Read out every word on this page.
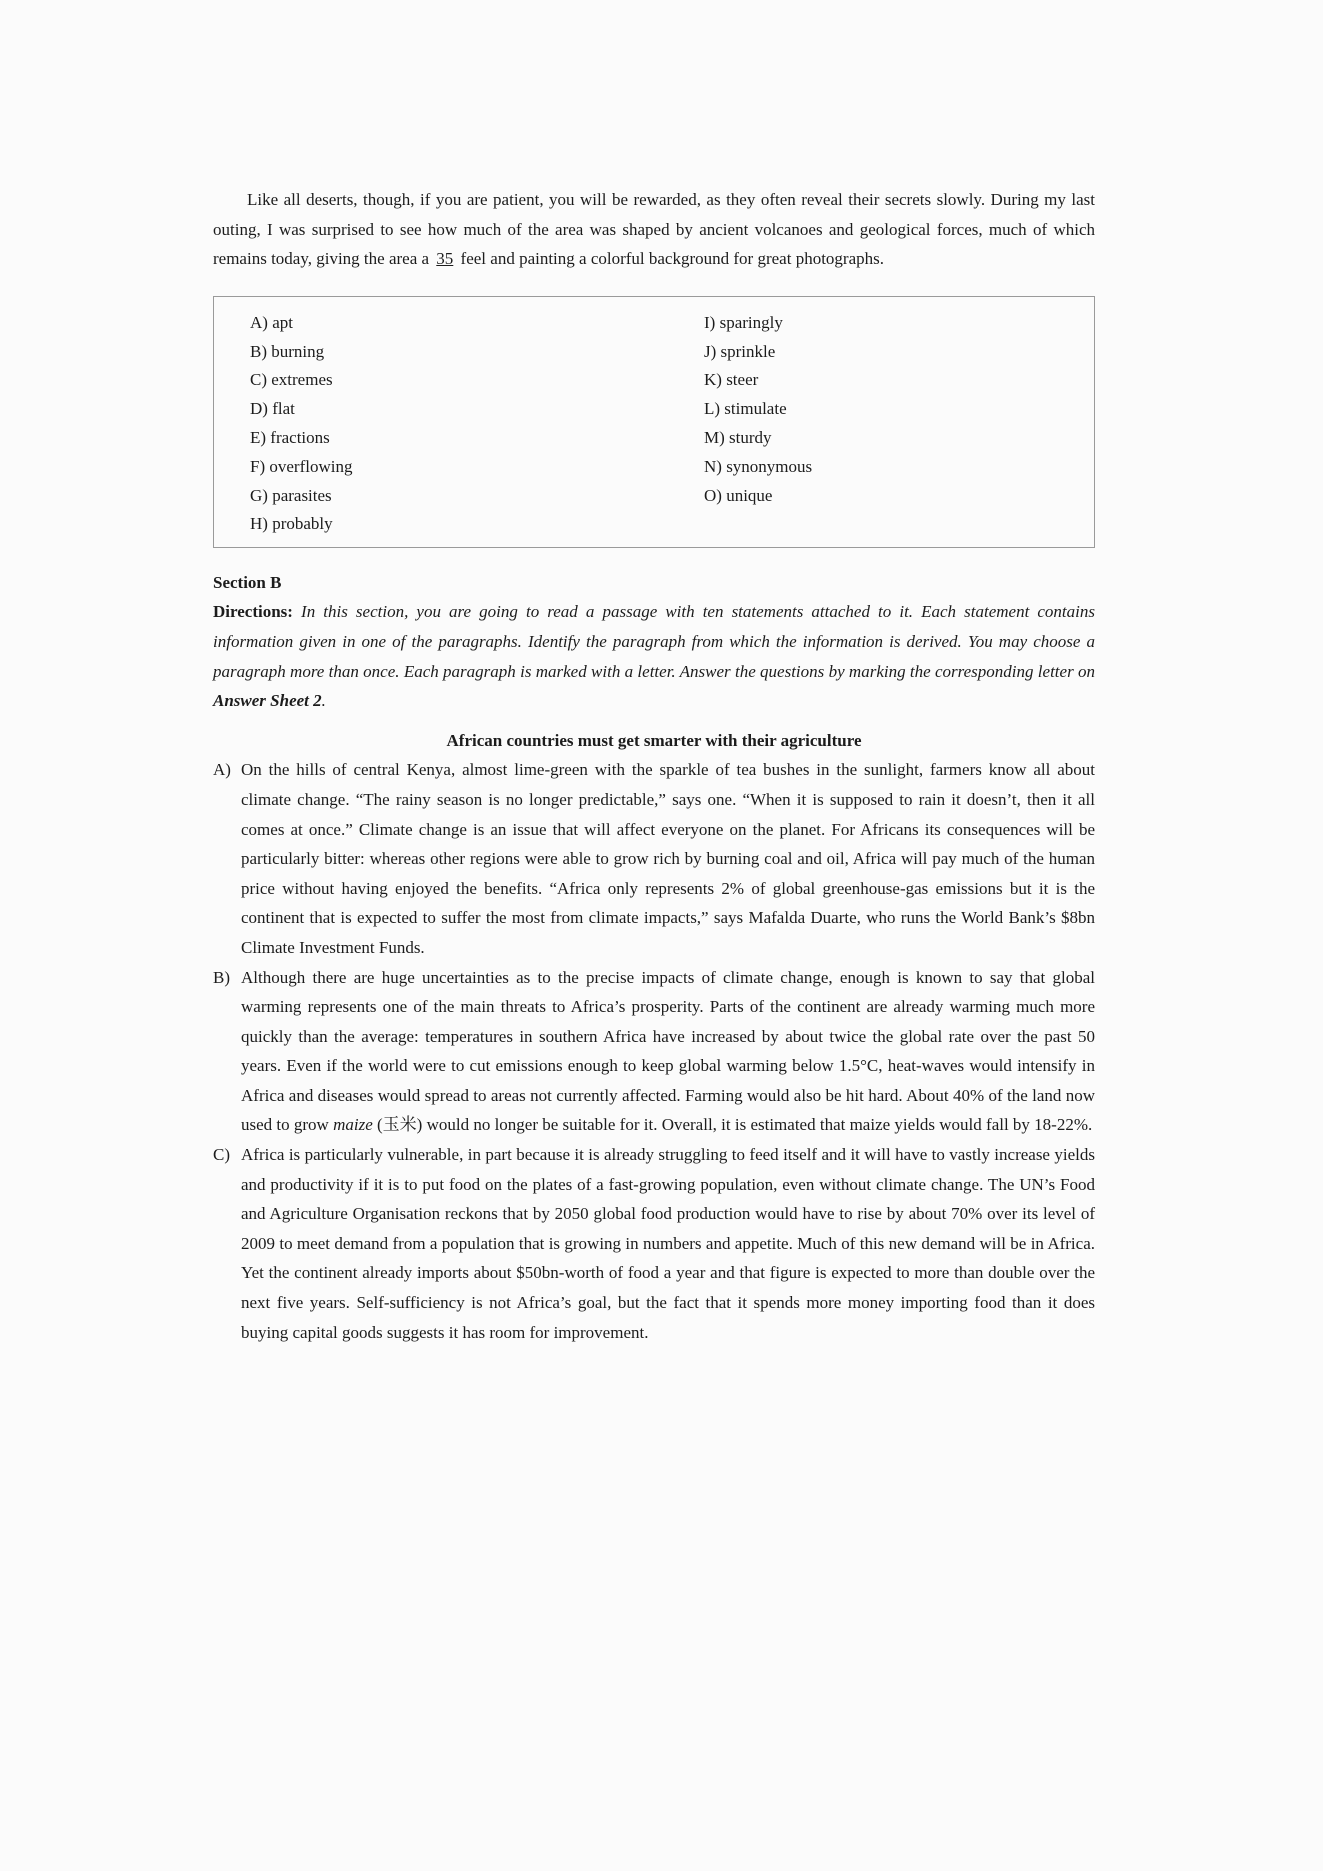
Like all deserts, though, if you are patient, you will be rewarded, as they often reveal their secrets slowly. During my last outing, I was surprised to see how much of the area was shaped by ancient volcanoes and geological forces, much of which remains today, giving the area a 35 feel and painting a colorful background for great photographs.

A) apt
B) burning
C) extremes
D) flat
E) fractions
F) overflowing
G) parasites
H) probably
I) sparingly
J) sprinkle
K) steer
L) stimulate
M) sturdy
N) synonymous
O) unique

Section B

Directions: In this section, you are going to read a passage with ten statements attached to it. Each statement contains information given in one of the paragraphs. Identify the paragraph from which the information is derived. You may choose a paragraph more than once. Each paragraph is marked with a letter. Answer the questions by marking the corresponding letter on Answer Sheet 2.

African countries must get smarter with their agriculture

A) On the hills of central Kenya, almost lime-green with the sparkle of tea bushes in the sunlight, farmers know all about climate change. “The rainy season is no longer predictable,” says one. “When it is supposed to rain it doesn’t, then it all comes at once.” Climate change is an issue that will affect everyone on the planet. For Africans its consequences will be particularly bitter: whereas other regions were able to grow rich by burning coal and oil, Africa will pay much of the human price without having enjoyed the benefits. “Africa only represents 2% of global greenhouse-gas emissions but it is the continent that is expected to suffer the most from climate impacts,” says Mafalda Duarte, who runs the World Bank’s $8bn Climate Investment Funds.

B) Although there are huge uncertainties as to the precise impacts of climate change, enough is known to say that global warming represents one of the main threats to Africa’s prosperity. Parts of the continent are already warming much more quickly than the average: temperatures in southern Africa have increased by about twice the global rate over the past 50 years. Even if the world were to cut emissions enough to keep global warming below 1.5°C, heat-waves would intensify in Africa and diseases would spread to areas not currently affected. Farming would also be hit hard. About 40% of the land now used to grow maize (玉米) would no longer be suitable for it. Overall, it is estimated that maize yields would fall by 18-22%.

C) Africa is particularly vulnerable, in part because it is already struggling to feed itself and it will have to vastly increase yields and productivity if it is to put food on the plates of a fast-growing population, even without climate change. The UN’s Food and Agriculture Organisation reckons that by 2050 global food production would have to rise by about 70% over its level of 2009 to meet demand from a population that is growing in numbers and appetite. Much of this new demand will be in Africa. Yet the continent already imports about $50bn-worth of food a year and that figure is expected to more than double over the next five years. Self-sufficiency is not Africa’s goal, but the fact that it spends more money importing food than it does buying capital goods suggests it has room for improvement.
